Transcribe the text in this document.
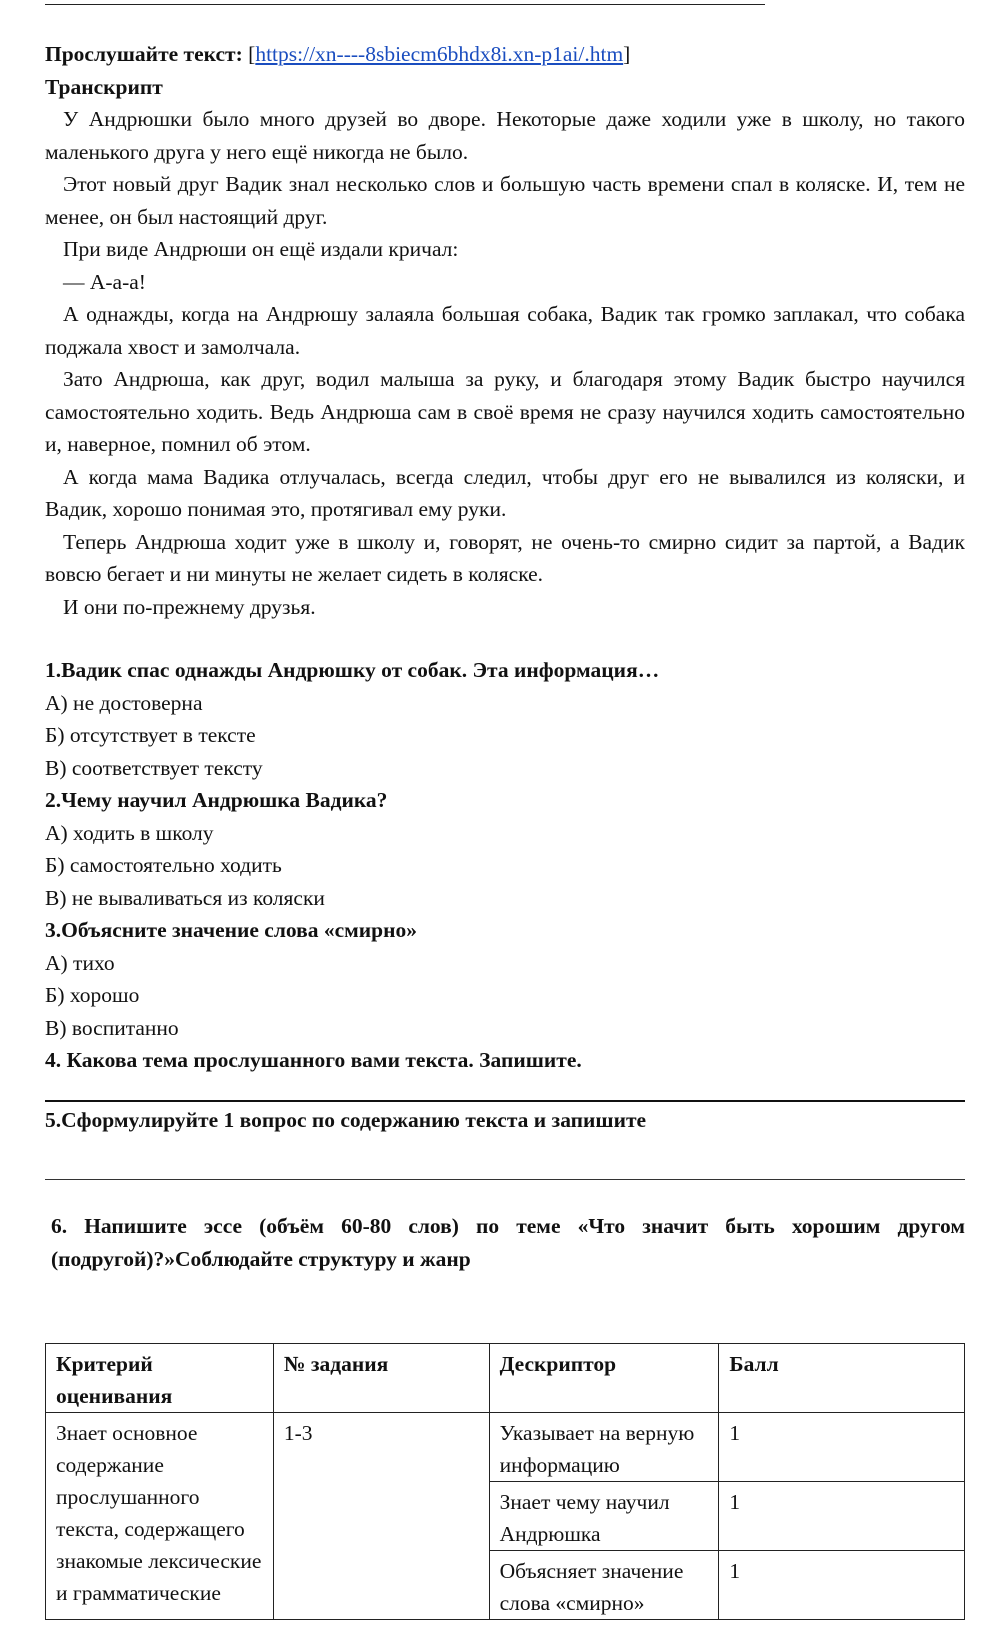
Прослушайте текст: [https://xn----8sbiecm6bhdx8i.xn-p1ai/.htm]

Транскрипт

У Андрюшки было много друзей во дворе. Некоторые даже ходили уже в школу, но такого маленького друга у него ещё никогда не было.

Этот новый друг Вадик знал несколько слов и большую часть времени спал в коляске. И, тем не менее, он был настоящий друг.

При виде Андрюши он ещё издали кричал:

— А-а-а!

А однажды, когда на Андрюшу залаяла большая собака, Вадик так громко заплакал, что собака поджала хвост и замолчала.

Зато Андрюша, как друг, водил малыша за руку, и благодаря этому Вадик быстро научился самостоятельно ходить. Ведь Андрюша сам в своё время не сразу научился ходить самостоятельно и, наверное, помнил об этом.

А когда мама Вадика отлучалась, всегда следил, чтобы друг его не вывалился из коляски, и Вадик, хорошо понимая это, протягивал ему руки.

Теперь Андрюша ходит уже в школу и, говорят, не очень-то смирно сидит за партой, а Вадик вовсю бегает и ни минуты не желает сидеть в коляске.

И они по-прежнему друзья.

1.Вадик спас однажды Андрюшку от собак. Эта информация…

А) не достоверна

Б) отсутствует в тексте

В) соответствует тексту

2.Чему научил Андрюшка Вадика?

А) ходить в школу

Б) самостоятельно ходить

В) не вываливаться из коляски

3.Объясните значение слова «смирно»

А) тихо

Б) хорошо

В) воспитанно

4. Какова тема прослушанного вами текста. Запишите.

5.Сформулируйте 1 вопрос по содержанию текста и запишите

6. Напишите эссе (объём 60-80 слов) по теме «Что значит быть хорошим другом (подругой)?»Соблюдайте структуру и жанр

Критерий оценивания	№ задания	Дескриптор	Балл
Знает основное содержание прослушанного текста, содержащего знакомые лексические и грамматические	1-3	Указывает на верную информацию	1
		Знает чему научил Андрюшка	1
		Объясняет значение слова «смирно»	1
